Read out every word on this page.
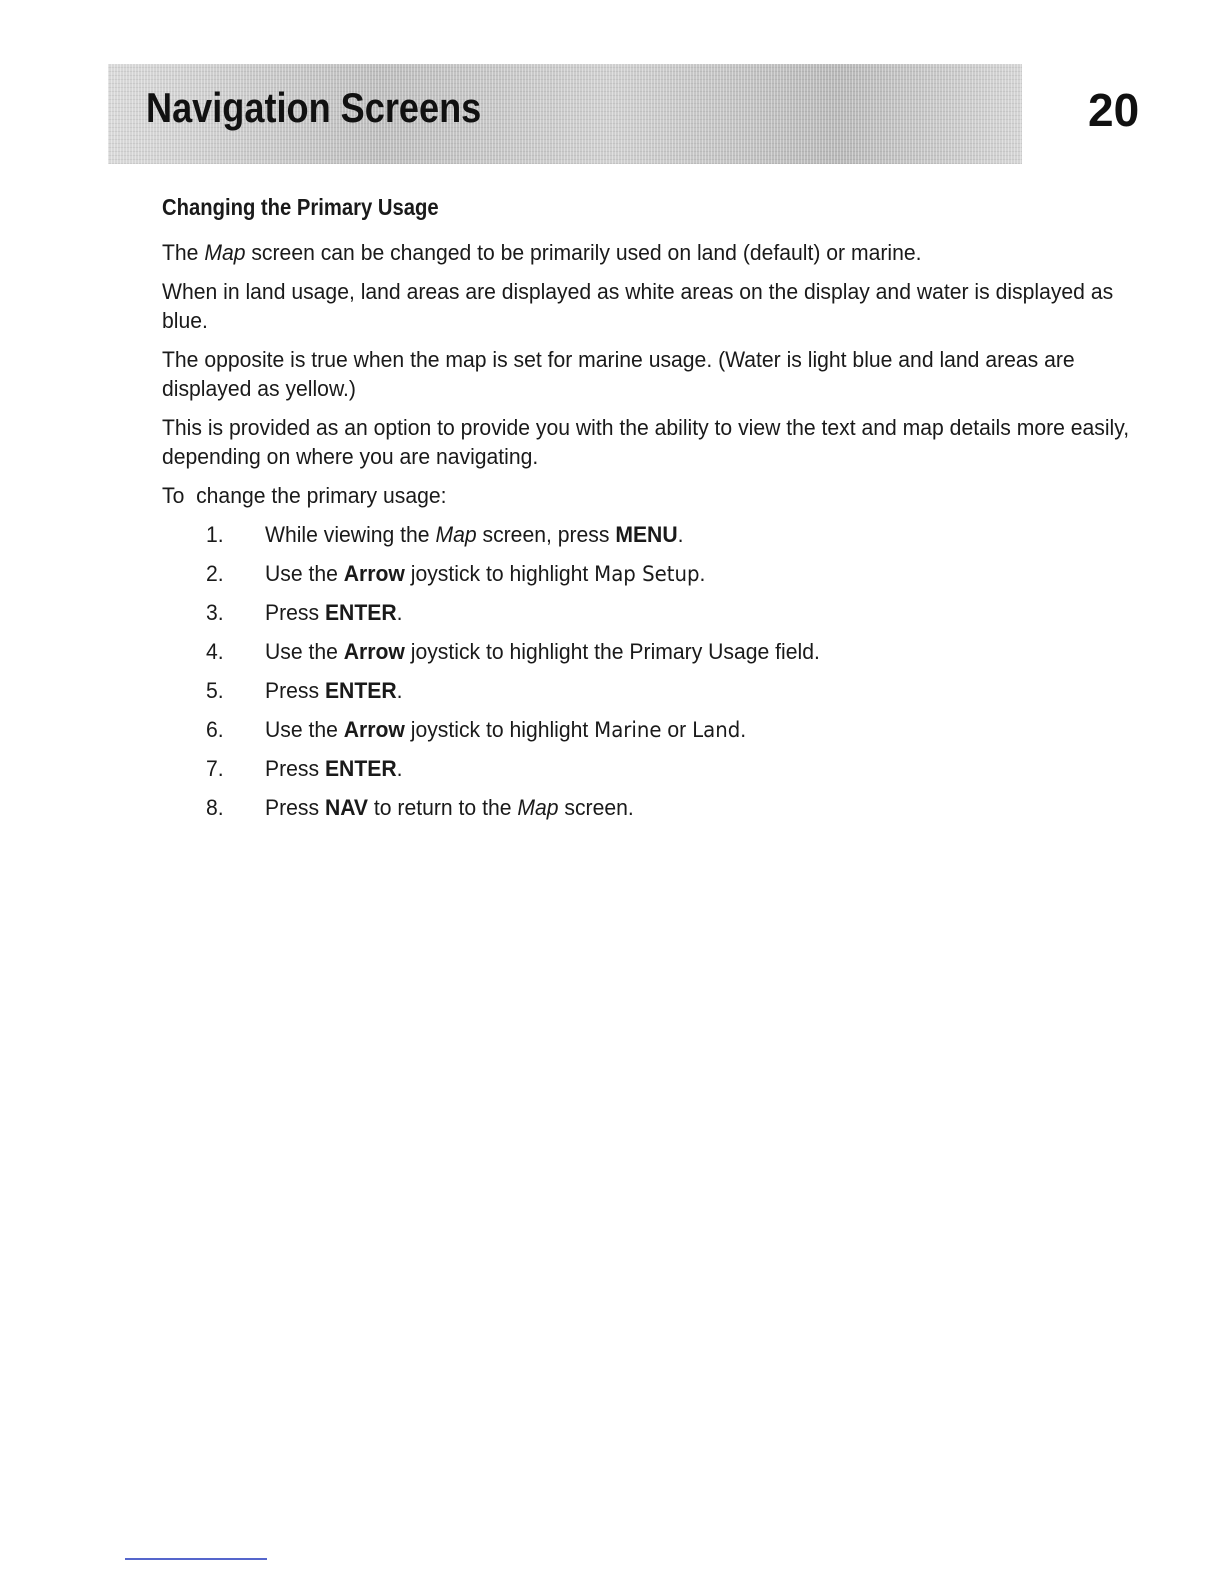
Navigation Screens	20
Changing the Primary Usage

The Map screen can be changed to be primarily used on land (default) or marine.

When in land usage, land areas are displayed as white areas on the display and water is displayed as blue.

The opposite is true when the map is set for marine usage. (Water is light blue and land areas are displayed as yellow.)

This is provided as an option to provide you with the ability to view the text and map details more easily, depending on where you are navigating.

To  change the primary usage:

1.	While viewing the Map screen, press MENU.
2.	Use the Arrow joystick to highlight Map Setup.
3.	Press ENTER.
4.	Use the Arrow joystick to highlight the Primary Usage field.
5.	Press ENTER.
6.	Use the Arrow joystick to highlight Marine or Land.
7.	Press ENTER.
8.	Press NAV to return to the Map screen.
